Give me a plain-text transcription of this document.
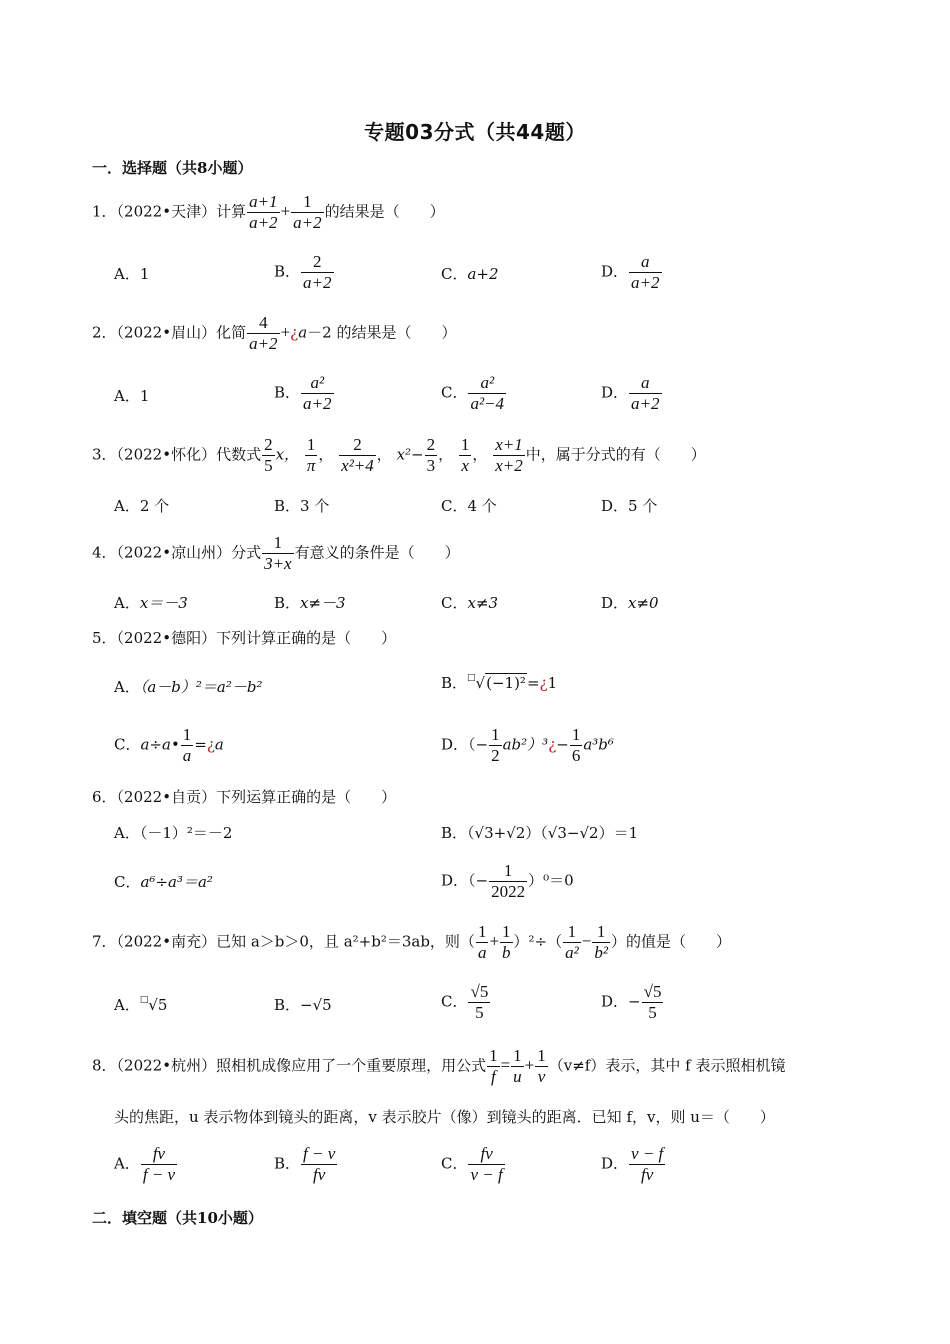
专题03分式（共44题）
一．选择题（共8小题）
1．（2022•天津）计算 $\frac{a+1}{a+2} + \frac{1}{a+2}$ 的结果是（　　）
A．1	B． $\frac{2}{a+2}$	C．a+2	D． $\frac{a}{a+2}$
2．（2022•眉山）化简 $\frac{4}{a+2}$ +¿a－2 的结果是（　　）
A．1	B． $\frac{\text{a²}}{a+2}$	C． $\frac{\text{a²}}{\text{a²−4}}$	D． $\frac{a}{a+2}$
3．（2022•怀化）代数式 $\frac{2}{5}$ x， $\frac{1}{\pi}$ ， $\frac{2}{\text{x²+4}}$ ， $x^2- \frac{2}{3}$ ， $\frac{1}{x}$ ， $\frac{x+1}{x+2}$ 中，属于分式的有（　　）
A．2 个	B．3 个	C．4 个	D．5 个
4．（2022•凉山州）分式 $\frac{1}{3+x}$ 有意义的条件是（　　）
A．x＝－3	B．x≠－3	C．x≠3	D．x≠0
5．（2022•德阳）下列计算正确的是（　　）
A．（a－b）²＝a²－b²	B．□√(−1)²=¿1
C．a÷a• $\frac{1}{a}$ =¿a	D．（− $\frac{1}{2}$ ab²）³¿− $\frac{1}{6} a^3b^6$
6．（2022•自贡）下列运算正确的是（　　）
A．（－1）²＝－2	B．（√3+√2）（√3−√2）＝1
C．a⁶÷a³＝a²	D．（− $\frac{1}{2022} )^0=0$
7．（2022•南充）已知 a＞b＞0，且 a²+b²＝3ab，则（ $\frac{1}{a} + \frac{1}{b} )^2\div( \frac{1}{\text{a²}} - \frac{1}{\text{b²}}$ ）的值是（　　）
A．□√5	B．−√5	C． $\frac{√5}{5}$	D．− $\frac{√5}{5}$
8．（2022•杭州）照相机成像应用了一个重要原理，用公式 $\frac{1}{f} = \frac{1}{u} + \frac{1}{v} (v\ne f)$表示，其中 f 表示照相机镜
头的焦距，u 表示物体到镜头的距离，v 表示胶片（像）到镜头的距离．已知 f，v，则 u＝（　　）
A． $\frac{fv}{f - v}$	B． $\frac{f - v}{fv}$	C． $\frac{fv}{v - f}$	D． $\frac{v - f}{fv}$
二．填空题（共10小题）
